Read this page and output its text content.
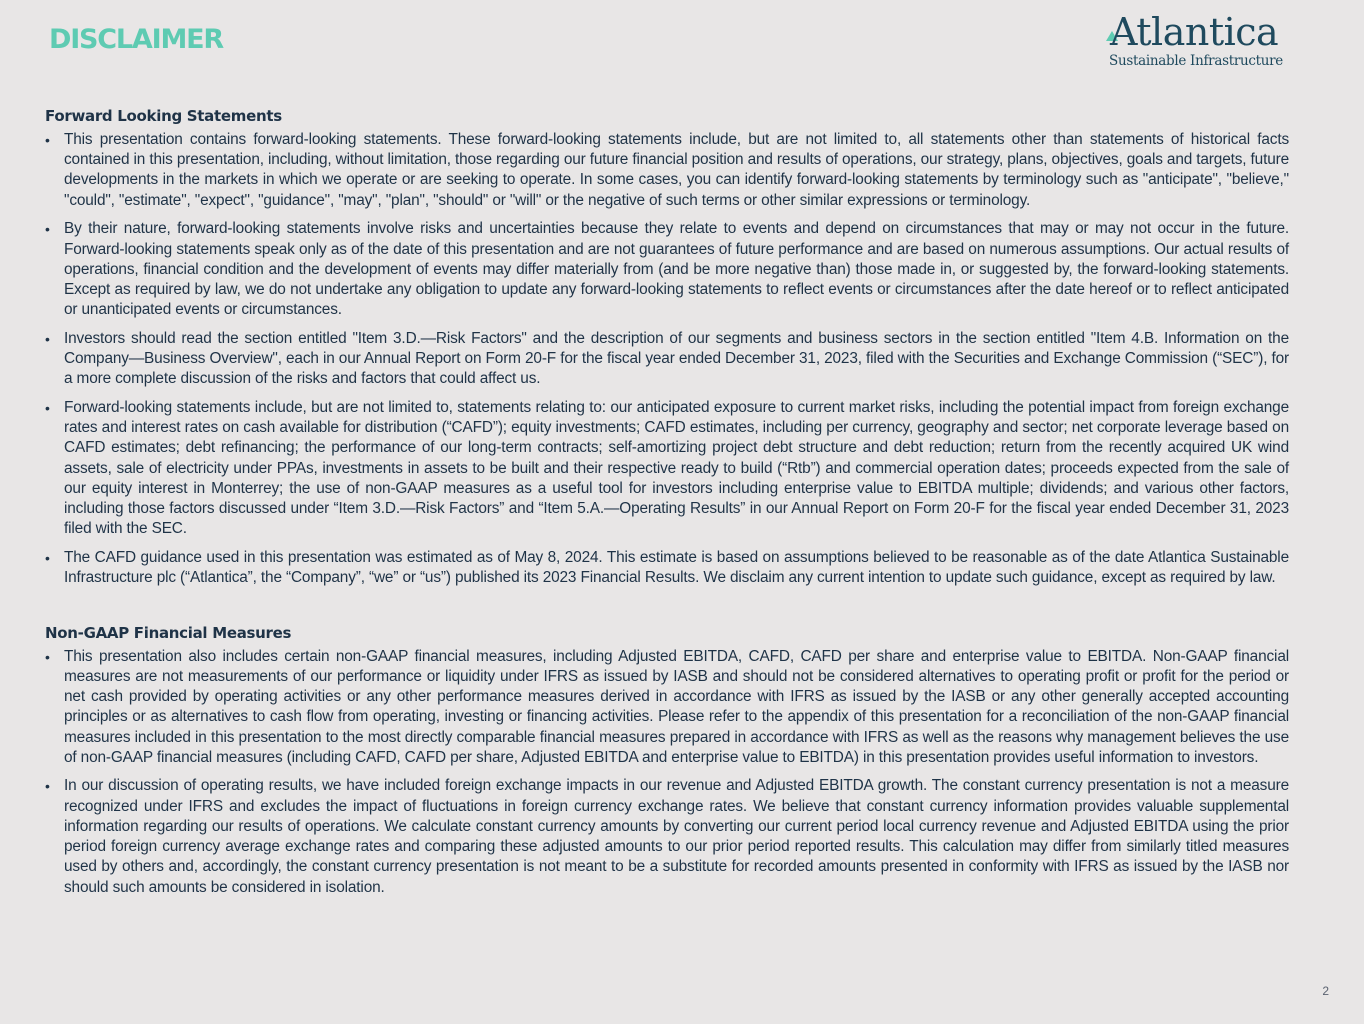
DISCLAIMER	Atlantica
Sustainable Infrastructure
Forward Looking Statements
• This presentation contains forward-looking statements. These forward-looking statements include, but are not limited to, all statements other than statements of historical facts contained in this presentation, including, without limitation, those regarding our future financial position and results of operations, our strategy, plans, objectives, goals and targets, future developments in the markets in which we operate or are seeking to operate. In some cases, you can identify forward-looking statements by terminology such as "anticipate", "believe," "could", "estimate", "expect", "guidance", "may", "plan", "should" or "will" or the negative of such terms or other similar expressions or terminology.
• By their nature, forward-looking statements involve risks and uncertainties because they relate to events and depend on circumstances that may or may not occur in the future. Forward-looking statements speak only as of the date of this presentation and are not guarantees of future performance and are based on numerous assumptions. Our actual results of operations, financial condition and the development of events may differ materially from (and be more negative than) those made in, or suggested by, the forward-looking statements. Except as required by law, we do not undertake any obligation to update any forward-looking statements to reflect events or circumstances after the date hereof or to reflect anticipated or unanticipated events or circumstances.
• Investors should read the section entitled "Item 3.D.—Risk Factors" and the description of our segments and business sectors in the section entitled "Item 4.B. Information on the Company—Business Overview", each in our Annual Report on Form 20-F for the fiscal year ended December 31, 2023, filed with the Securities and Exchange Commission (“SEC”), for a more complete discussion of the risks and factors that could affect us.
• Forward-looking statements include, but are not limited to, statements relating to: our anticipated exposure to current market risks, including the potential impact from foreign exchange rates and interest rates on cash available for distribution (“CAFD”); equity investments; CAFD estimates, including per currency, geography and sector; net corporate leverage based on CAFD estimates; debt refinancing; the performance of our long-term contracts; self-amortizing project debt structure and debt reduction; return from the recently acquired UK wind assets, sale of electricity under PPAs, investments in assets to be built and their respective ready to build (“Rtb”) and commercial operation dates; proceeds expected from the sale of our equity interest in Monterrey; the use of non-GAAP measures as a useful tool for investors including enterprise value to EBITDA multiple; dividends; and various other factors, including those factors discussed under “Item 3.D.—Risk Factors” and “Item 5.A.—Operating Results” in our Annual Report on Form 20-F for the fiscal year ended December 31, 2023 filed with the SEC.
• The CAFD guidance used in this presentation was estimated as of May 8, 2024. This estimate is based on assumptions believed to be reasonable as of the date Atlantica Sustainable Infrastructure plc (“Atlantica”, the “Company”, “we” or “us”) published its 2023 Financial Results. We disclaim any current intention to update such guidance, except as required by law.
Non-GAAP Financial Measures
• This presentation also includes certain non-GAAP financial measures, including Adjusted EBITDA, CAFD, CAFD per share and enterprise value to EBITDA. Non-GAAP financial measures are not measurements of our performance or liquidity under IFRS as issued by IASB and should not be considered alternatives to operating profit or profit for the period or net cash provided by operating activities or any other performance measures derived in accordance with IFRS as issued by the IASB or any other generally accepted accounting principles or as alternatives to cash flow from operating, investing or financing activities. Please refer to the appendix of this presentation for a reconciliation of the non-GAAP financial measures included in this presentation to the most directly comparable financial measures prepared in accordance with IFRS as well as the reasons why management believes the use of non-GAAP financial measures (including CAFD, CAFD per share, Adjusted EBITDA and enterprise value to EBITDA) in this presentation provides useful information to investors.
• In our discussion of operating results, we have included foreign exchange impacts in our revenue and Adjusted EBITDA growth. The constant currency presentation is not a measure recognized under IFRS and excludes the impact of fluctuations in foreign currency exchange rates. We believe that constant currency information provides valuable supplemental information regarding our results of operations. We calculate constant currency amounts by converting our current period local currency revenue and Adjusted EBITDA using the prior period foreign currency average exchange rates and comparing these adjusted amounts to our prior period reported results. This calculation may differ from similarly titled measures used by others and, accordingly, the constant currency presentation is not meant to be a substitute for recorded amounts presented in conformity with IFRS as issued by the IASB nor should such amounts be considered in isolation.
2
